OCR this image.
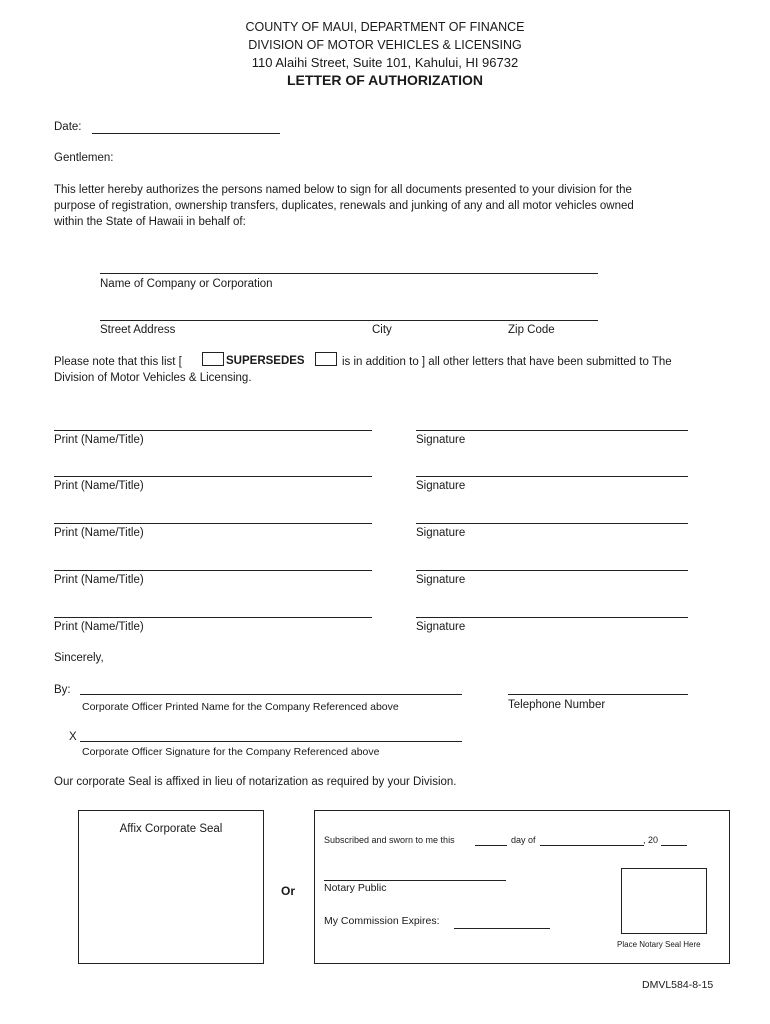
COUNTY OF MAUI, DEPARTMENT OF FINANCE
DIVISION OF MOTOR VEHICLES & LICENSING
110 Alaihi Street, Suite 101, Kahului, HI 96732
LETTER OF AUTHORIZATION
Date:
Gentlemen:
This letter hereby authorizes the persons named below to sign for all documents presented to your division for the
purpose of registration, ownership transfers, duplicates, renewals and junking of any and all motor vehicles owned
within the State of Hawaii in behalf of:
Name of Company or Corporation
Street Address	City	Zip Code
Please note that this list [	SUPERSEDES	is in addition to ] all other letters that have been submitted to The
Division of Motor Vehicles & Licensing.
Print (Name/Title)	Signature
Print (Name/Title)	Signature
Print (Name/Title)	Signature
Print (Name/Title)	Signature
Print (Name/Title)	Signature
Sincerely,
By:
Corporate Officer Printed Name for the Company Referenced above	Telephone Number
X
Corporate Officer Signature for the Company Referenced above
Our corporate Seal is affixed in lieu of notarization as required by your Division.
Affix Corporate Seal
Or
Subscribed and sworn to me this	day of	, 20
Notary Public
My Commission Expires:
Place Notary Seal Here
DMVL584-8-15
